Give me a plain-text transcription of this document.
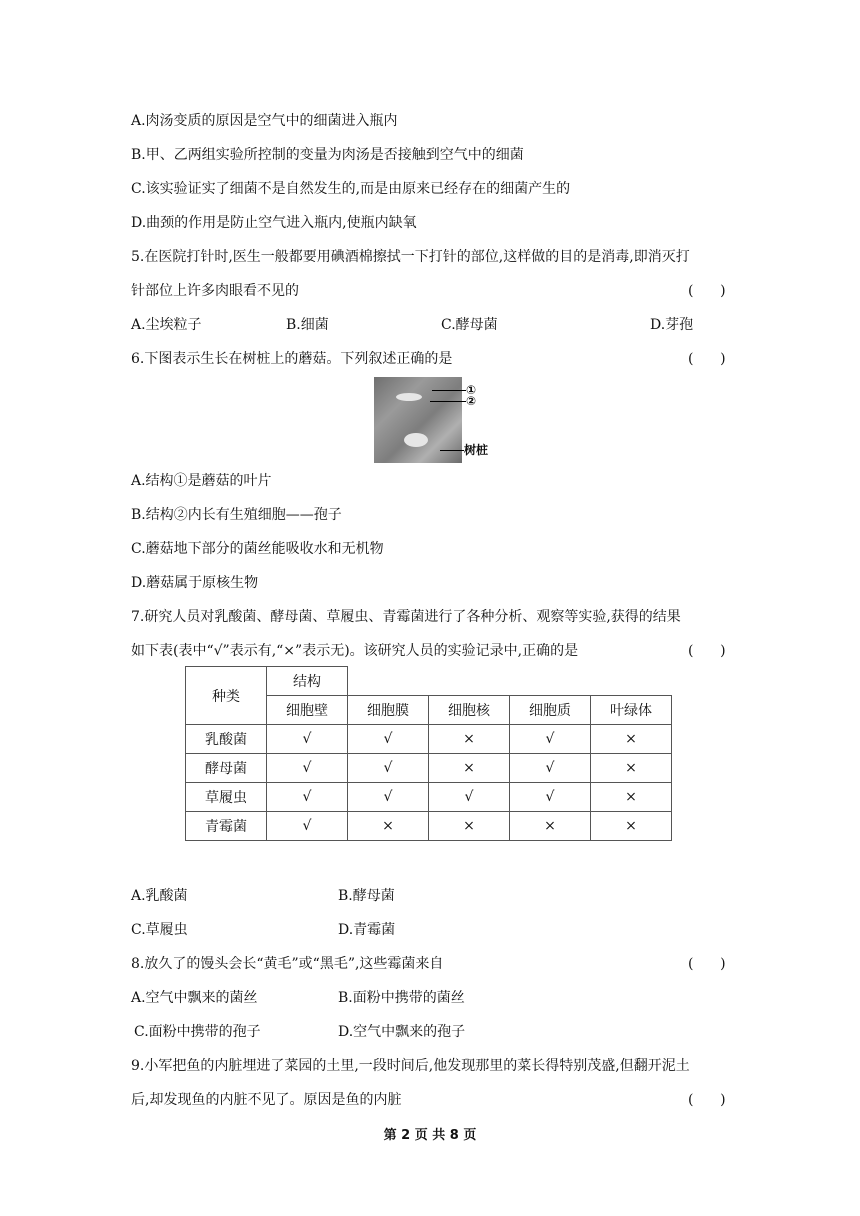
A.肉汤变质的原因是空气中的细菌进入瓶内
B.甲、乙两组实验所控制的变量为肉汤是否接触到空气中的细菌
C.该实验证实了细菌不是自然发生的,而是由原来已经存在的细菌产生的
D.曲颈的作用是防止空气进入瓶内,使瓶内缺氧
5.在医院打针时,医生一般都要用碘酒棉擦拭一下打针的部位,这样做的目的是消毒,即消灭打
针部位上许多肉眼看不见的	(      )
A.尘埃粒子	B.细菌	C.酵母菌	D.芽孢
6.下图表示生长在树桩上的蘑菇。下列叙述正确的是	(      )
①
②
树桩
A.结构①是蘑菇的叶片
B.结构②内长有生殖细胞——孢子
C.蘑菇地下部分的菌丝能吸收水和无机物
D.蘑菇属于原核生物
7.研究人员对乳酸菌、酵母菌、草履虫、青霉菌进行了各种分析、观察等实验,获得的结果
如下表(表中“√”表示有,“×”表示无)。该研究人员的实验记录中,正确的是	(      )
种类	结构				
	细胞壁	细胞膜	细胞核	细胞质	叶绿体
乳酸菌	√	√	×	√	×
酵母菌	√	√	×	√	×
草履虫	√	√	√	√	×
青霉菌	√	×	×	×	×
A.乳酸菌	B.酵母菌
C.草履虫	D.青霉菌
8.放久了的馒头会长“黄毛”或“黑毛”,这些霉菌来自	(      )
A.空气中飘来的菌丝	B.面粉中携带的菌丝
C.面粉中携带的孢子	D.空气中飘来的孢子
9.小军把鱼的内脏埋进了菜园的土里,一段时间后,他发现那里的菜长得特别茂盛,但翻开泥土
后,却发现鱼的内脏不见了。原因是鱼的内脏	(      )
第 2 页 共 8 页
